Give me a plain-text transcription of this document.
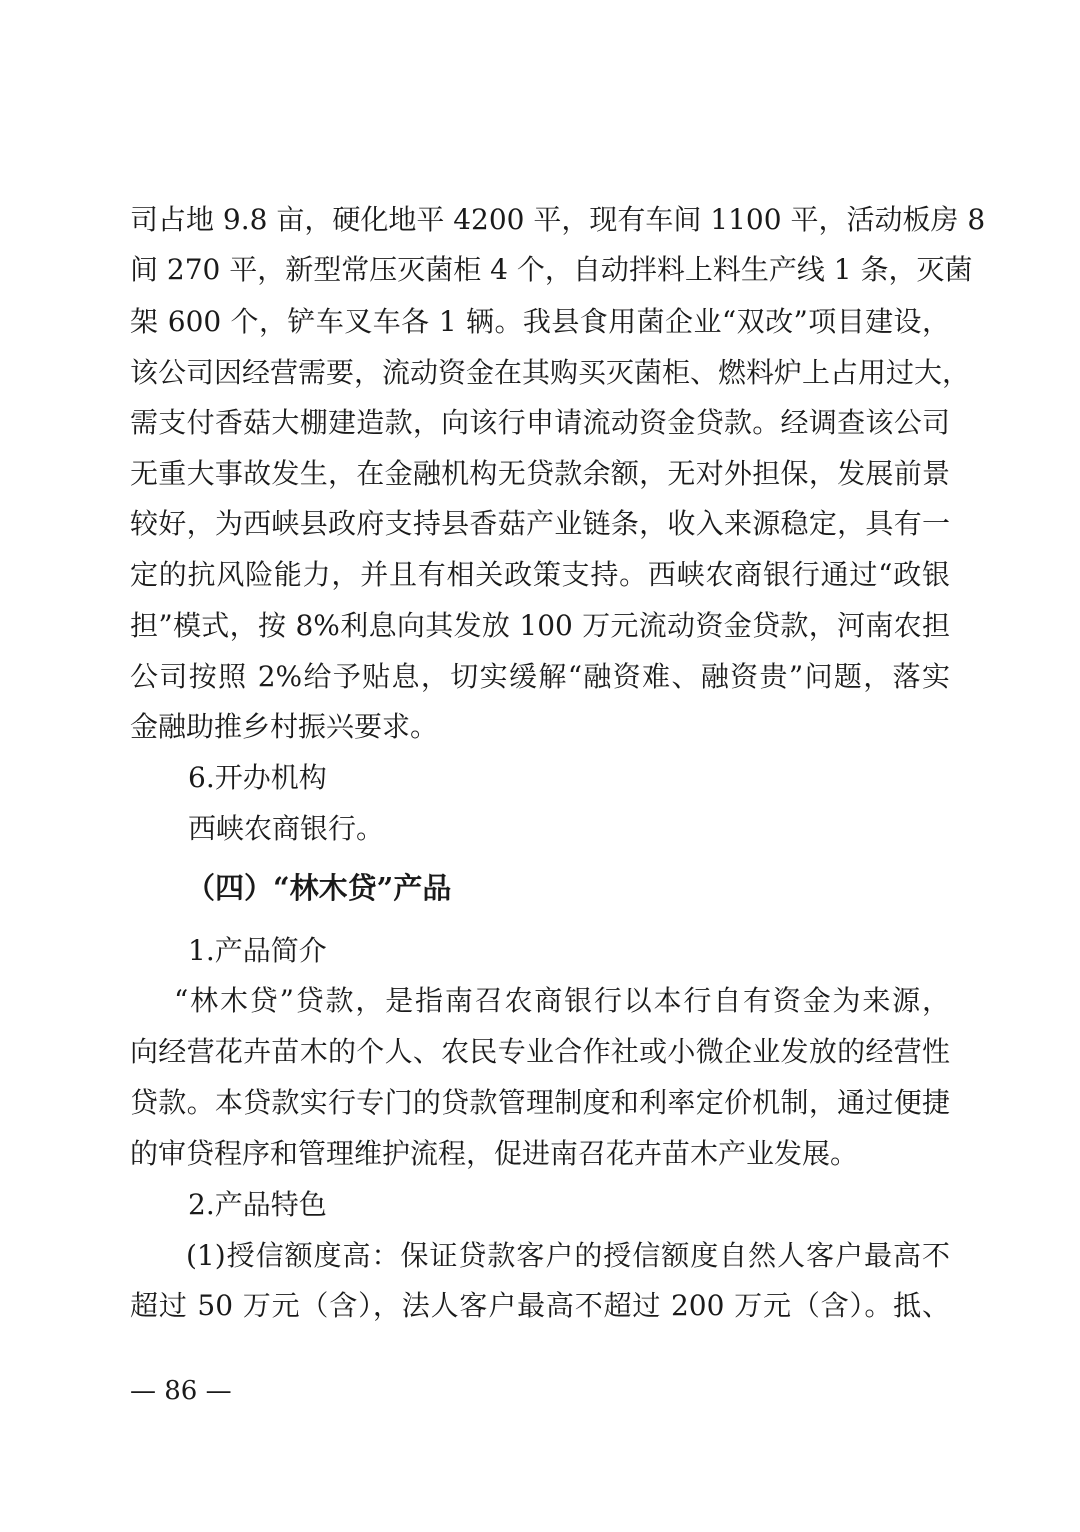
司占地 9.8 亩，硬化地平 4200 平，现有车间 1100 平，活动板房 8
间 270 平，新型常压灭菌柜 4 个，自动拌料上料生产线 1 条，灭菌
架 600 个，铲车叉车各 1 辆。我县食用菌企业“双改”项目建设，
该公司因经营需要，流动资金在其购买灭菌柜、燃料炉上占用过大，
需支付香菇大棚建造款，向该行申请流动资金贷款。经调查该公司
无重大事故发生，在金融机构无贷款余额，无对外担保，发展前景
较好，为西峡县政府支持县香菇产业链条，收入来源稳定，具有一
定的抗风险能力，并且有相关政策支持。西峡农商银行通过“政银
担”模式，按 8%利息向其发放 100 万元流动资金贷款，河南农担
公司按照 2%给予贴息，切实缓解“融资难、融资贵”问题，落实
金融助推乡村振兴要求。
6.开办机构
西峡农商银行。
（四）“林木贷”产品
1.产品简介
“林木贷”贷款，是指南召农商银行以本行自有资金为来源，
向经营花卉苗木的个人、农民专业合作社或小微企业发放的经营性
贷款。本贷款实行专门的贷款管理制度和利率定价机制，通过便捷
的审贷程序和管理维护流程，促进南召花卉苗木产业发展。
2.产品特色
(1)授信额度高：保证贷款客户的授信额度自然人客户最高不
超过 50 万元（含），法人客户最高不超过 200 万元（含）。抵、
— 86 —
